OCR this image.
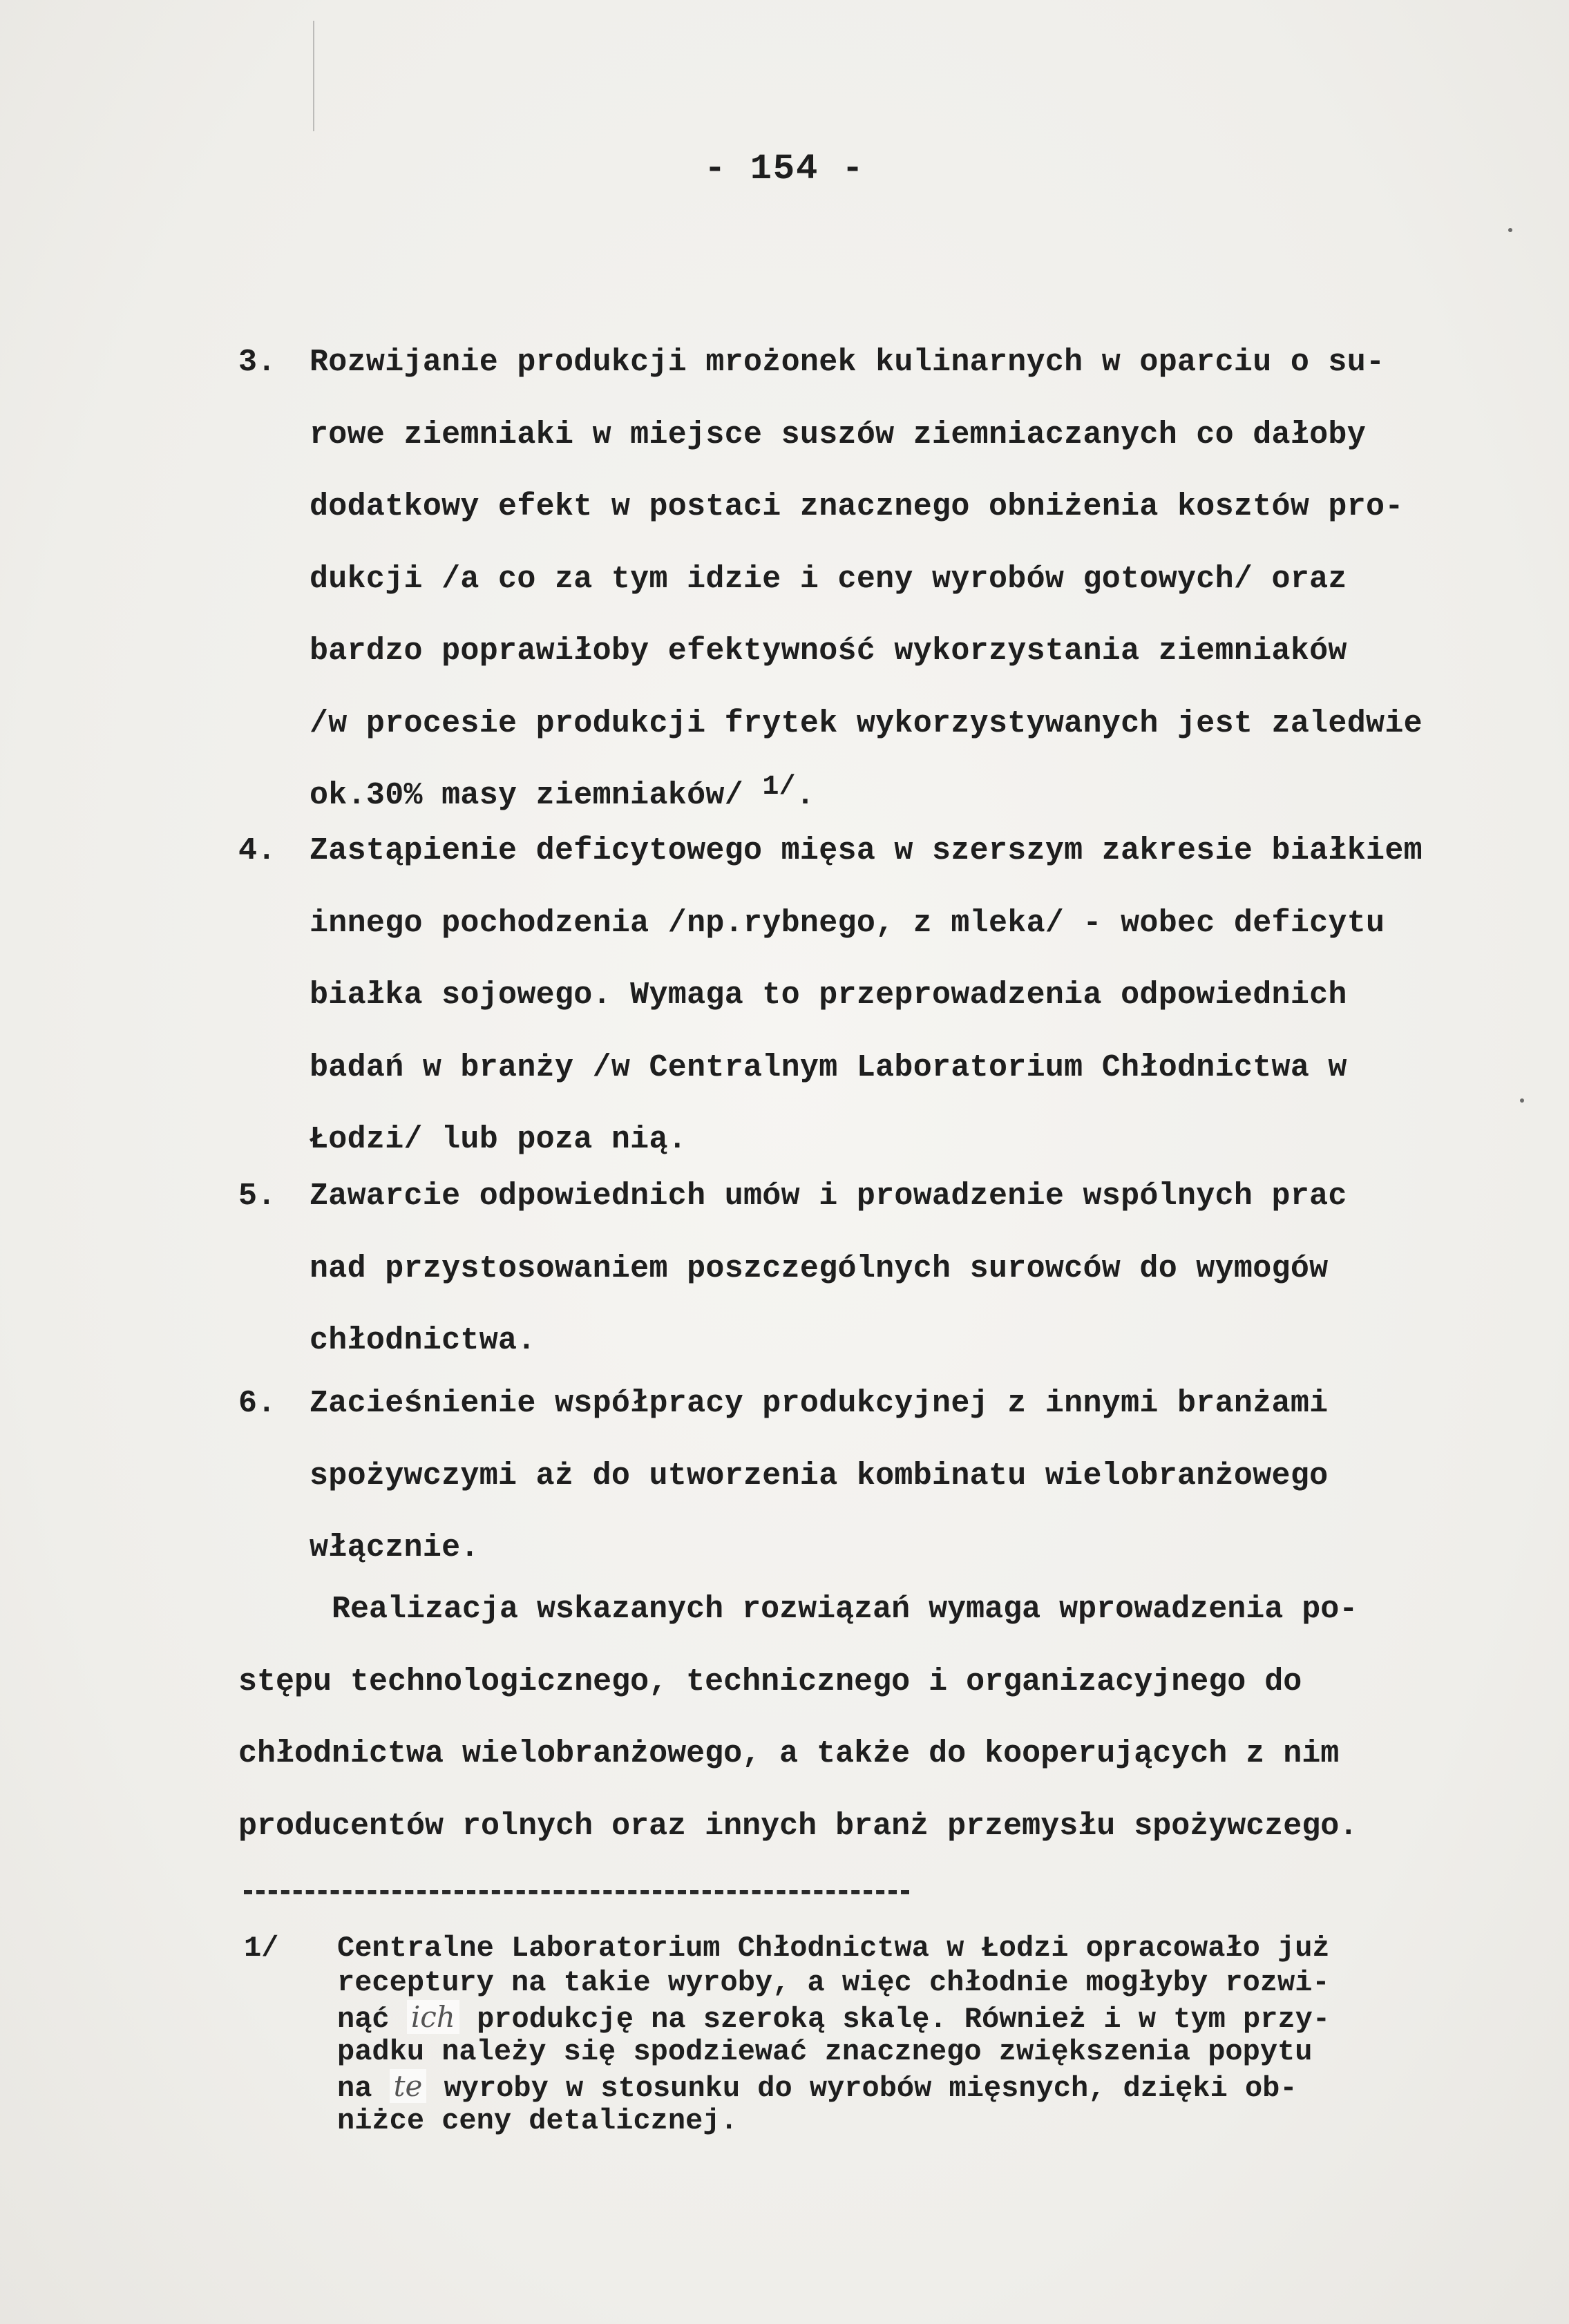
- 154 -
3.	Rozwijanie produkcji mrożonek kulinarnych w oparciu o su-
rowe ziemniaki w miejsce suszów ziemniaczanych co dałoby
dodatkowy efekt w postaci znacznego obniżenia kosztów pro-
dukcji /a co za tym idzie i ceny wyrobów gotowych/ oraz
bardzo poprawiłoby efektywność wykorzystania ziemniaków
/w procesie produkcji frytek wykorzystywanych jest zaledwie
ok.30% masy ziemniaków/ 1/.
4.	Zastąpienie deficytowego mięsa w szerszym zakresie białkiem
innego pochodzenia /np.rybnego, z mleka/ - wobec deficytu
białka sojowego. Wymaga to przeprowadzenia odpowiednich
badań w branży /w Centralnym Laboratorium Chłodnictwa w
Łodzi/ lub poza nią.
5.	Zawarcie odpowiednich umów i prowadzenie wspólnych prac
nad przystosowaniem poszczególnych surowców do wymogów
chłodnictwa.
6.	Zacieśnienie współpracy produkcyjnej z innymi branżami
spożywczymi aż do utworzenia kombinatu wielobranżowego
włącznie.
Realizacja wskazanych rozwiązań wymaga wprowadzenia po-
stępu technologicznego, technicznego i organizacyjnego do
chłodnictwa wielobranżowego, a także do kooperujących z nim
producentów rolnych oraz innych branż przemysłu spożywczego.
1/	Centralne Laboratorium Chłodnictwa w Łodzi opracowało już
receptury na takie wyroby, a więc chłodnie mogłyby rozwi-
nąć ich produkcję na szeroką skalę. Również i w tym przy-
padku należy się spodziewać znacznego zwiększenia popytu
na te wyroby w stosunku do wyrobów mięsnych, dzięki ob-
niżce ceny detalicznej.
